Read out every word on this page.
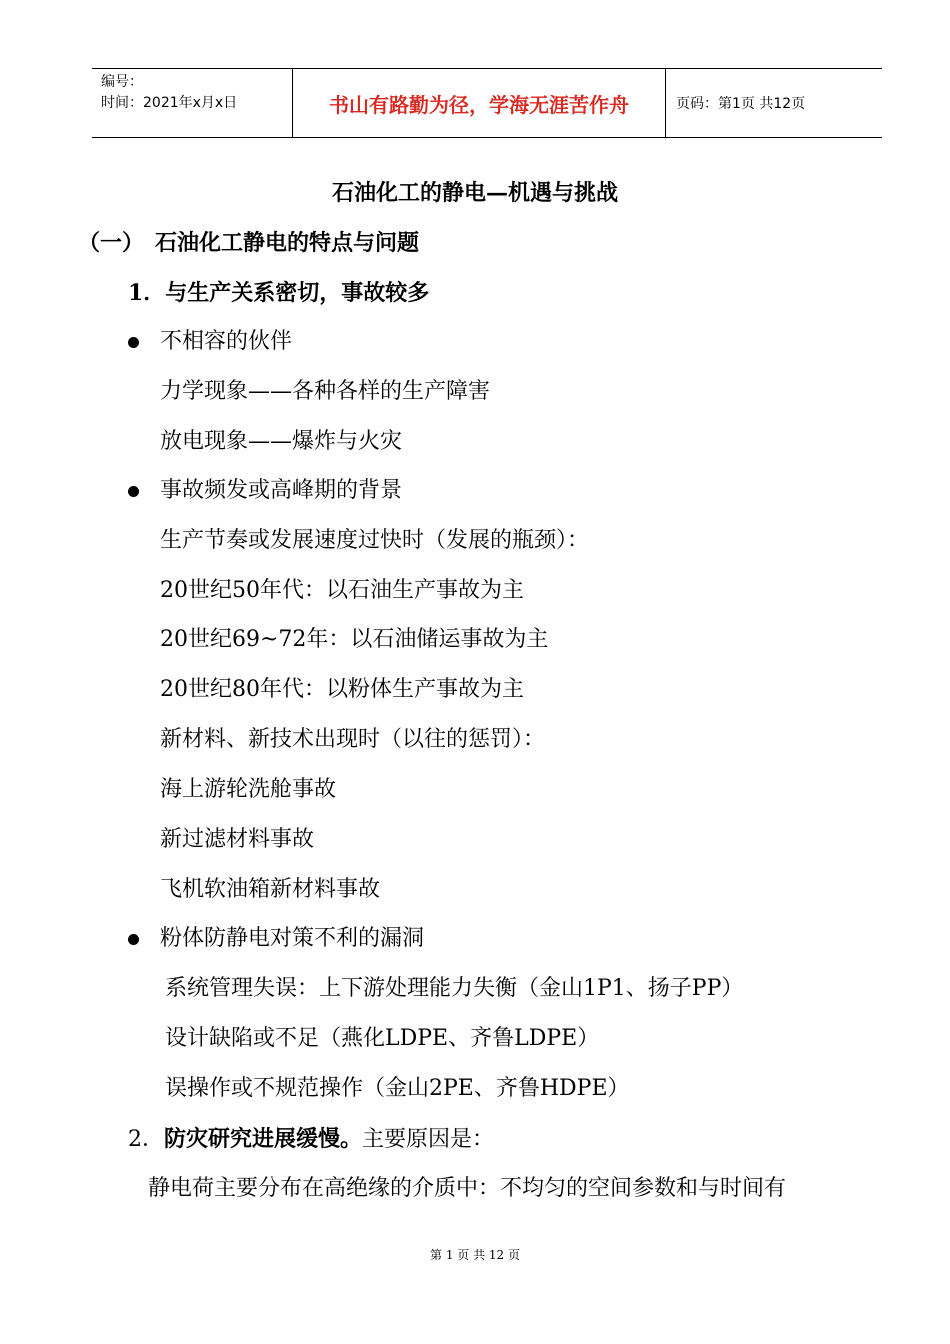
编号：
时间：2021年x月x日	书山有路勤为径，学海无涯苦作舟	页码：第1页 共12页
石油化工的静电—机遇与挑战
（一）　石油化工静电的特点与问题
1．与生产关系密切，事故较多
不相容的伙伴
力学现象——各种各样的生产障害
放电现象——爆炸与火灾
事故频发或高峰期的背景
生产节奏或发展速度过快时（发展的瓶颈）：
20世纪50年代：以石油生产事故为主
20世纪69~72年：以石油储运事故为主
20世纪80年代：以粉体生产事故为主
新材料、新技术出现时（以往的惩罚）：
海上游轮洗舱事故
新过滤材料事故
飞机软油箱新材料事故
粉体防静电对策不利的漏洞
系统管理失误：上下游处理能力失衡（金山1P1、扬子PP）
设计缺陷或不足（燕化LDPE、齐鲁LDPE）
误操作或不规范操作（金山2PE、齐鲁HDPE）
2．防灾研究进展缓慢。主要原因是：
静电荷主要分布在高绝缘的介质中：不均匀的空间参数和与时间有
第 1 页 共 12 页
